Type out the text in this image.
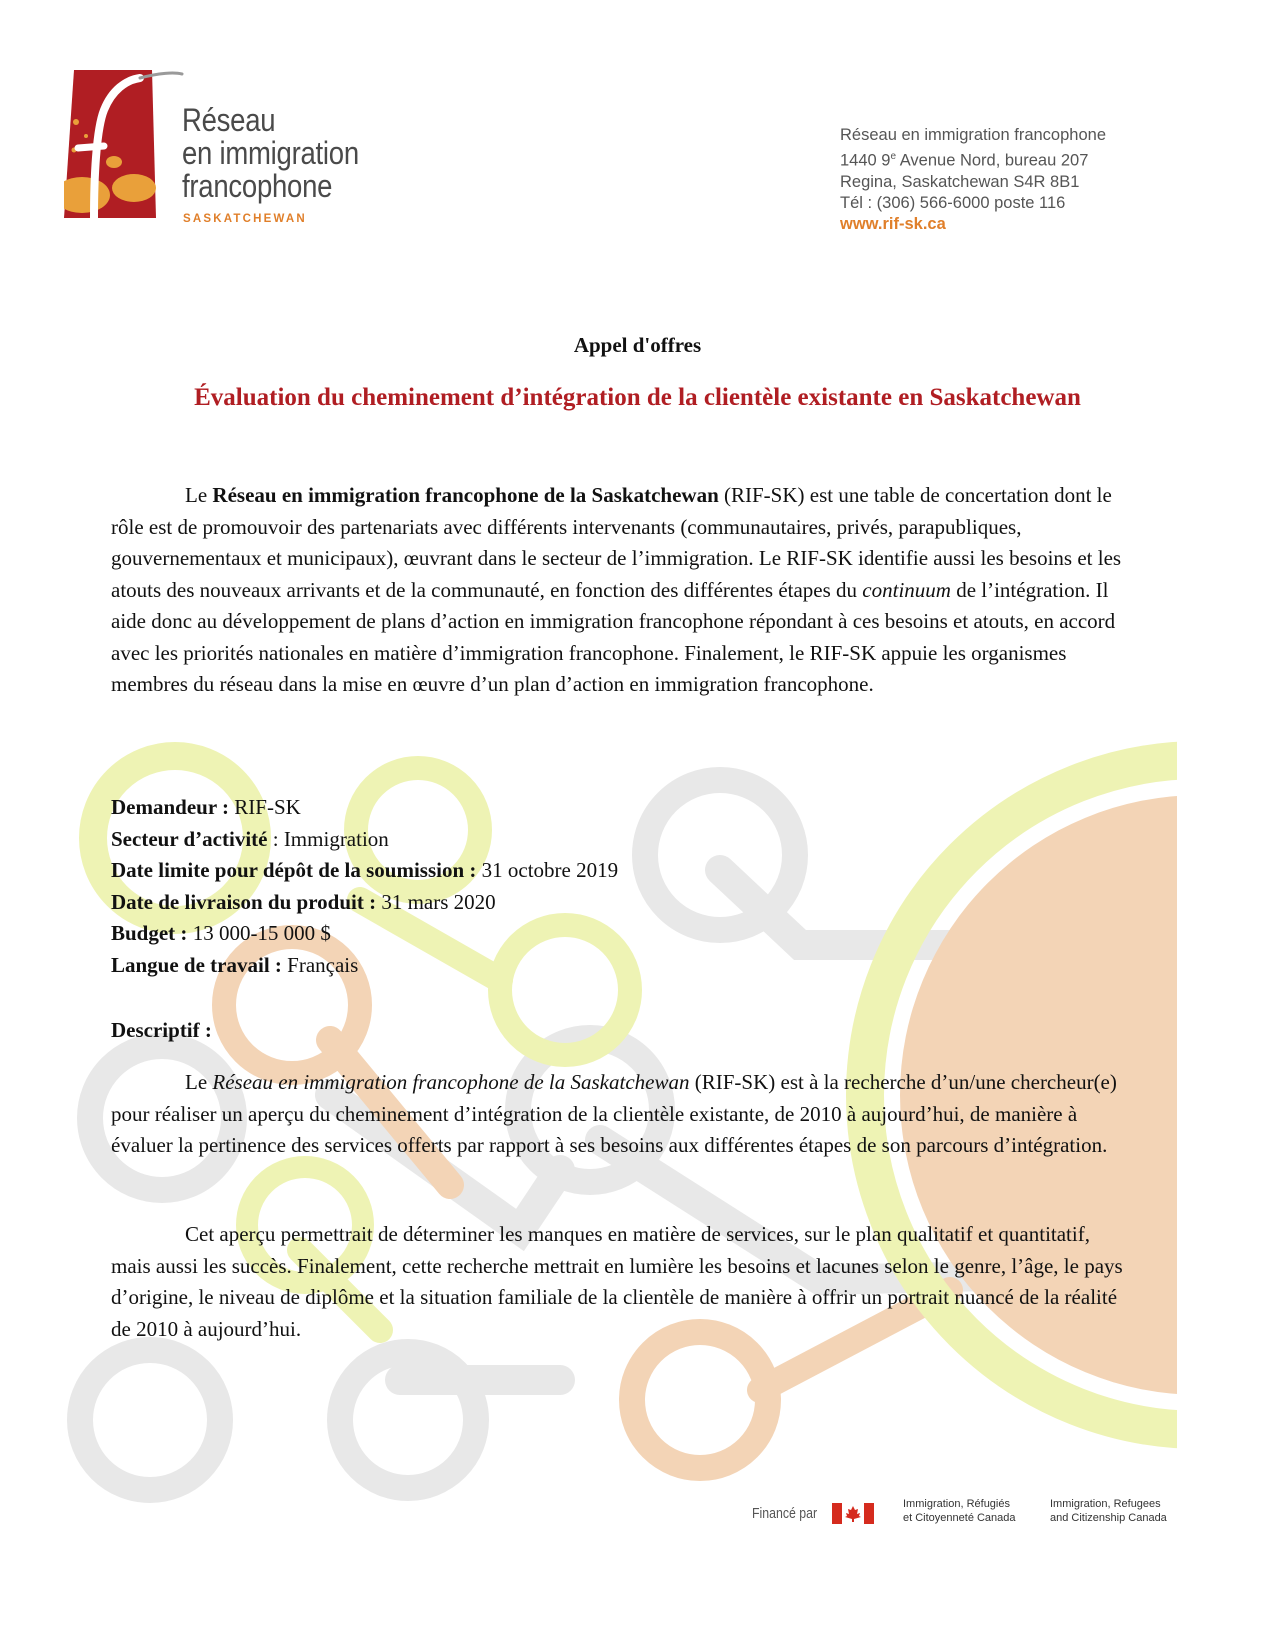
Réseau
en immigration
francophone
SASKATCHEWAN
Réseau en immigration francophone
1440 9e Avenue Nord, bureau 207
Regina, Saskatchewan S4R 8B1
Tél : (306) 566-6000 poste 116
www.rif-sk.ca
Appel d'offres
Évaluation du cheminement d’intégration de la clientèle existante en Saskatchewan

Le Réseau en immigration francophone de la Saskatchewan (RIF-SK) est une table de concertation dont le rôle est de promouvoir des partenariats avec différents intervenants (communautaires, privés, parapubliques, gouvernementaux et municipaux), œuvrant dans le secteur de l’immigration. Le RIF-SK identifie aussi les besoins et les atouts des nouveaux arrivants et de la communauté, en fonction des différentes étapes du continuum de l’intégration. Il aide donc au développement de plans d’action en immigration francophone répondant à ces besoins et atouts, en accord avec les priorités nationales en matière d’immigration francophone. Finalement, le RIF-SK appuie les organismes membres du réseau dans la mise en œuvre d’un plan d’action en immigration francophone.

Demandeur : RIF-SK
Secteur d’activité : Immigration
Date limite pour dépôt de la soumission : 31 octobre 2019
Date de livraison du produit : 31 mars 2020
Budget : 13 000-15 000 $
Langue de travail : Français
Descriptif :

Le Réseau en immigration francophone de la Saskatchewan (RIF-SK) est à la recherche d’un/une chercheur(e) pour réaliser un aperçu du cheminement d’intégration de la clientèle existante, de 2010 à aujourd’hui, de manière à évaluer la pertinence des services offerts par rapport à ses besoins aux différentes étapes de son parcours d’intégration.

Cet aperçu permettrait de déterminer les manques en matière de services, sur le plan qualitatif et quantitatif, mais aussi les succès. Finalement, cette recherche mettrait en lumière les besoins et lacunes selon le genre, l’âge, le pays d’origine, le niveau de diplôme et la situation familiale de la clientèle de manière à offrir un portrait nuancé de la réalité de 2010 à aujourd’hui.

Financé par
Immigration, Réfugiés
et Citoyenneté Canada
Immigration, Refugees
and Citizenship Canada
